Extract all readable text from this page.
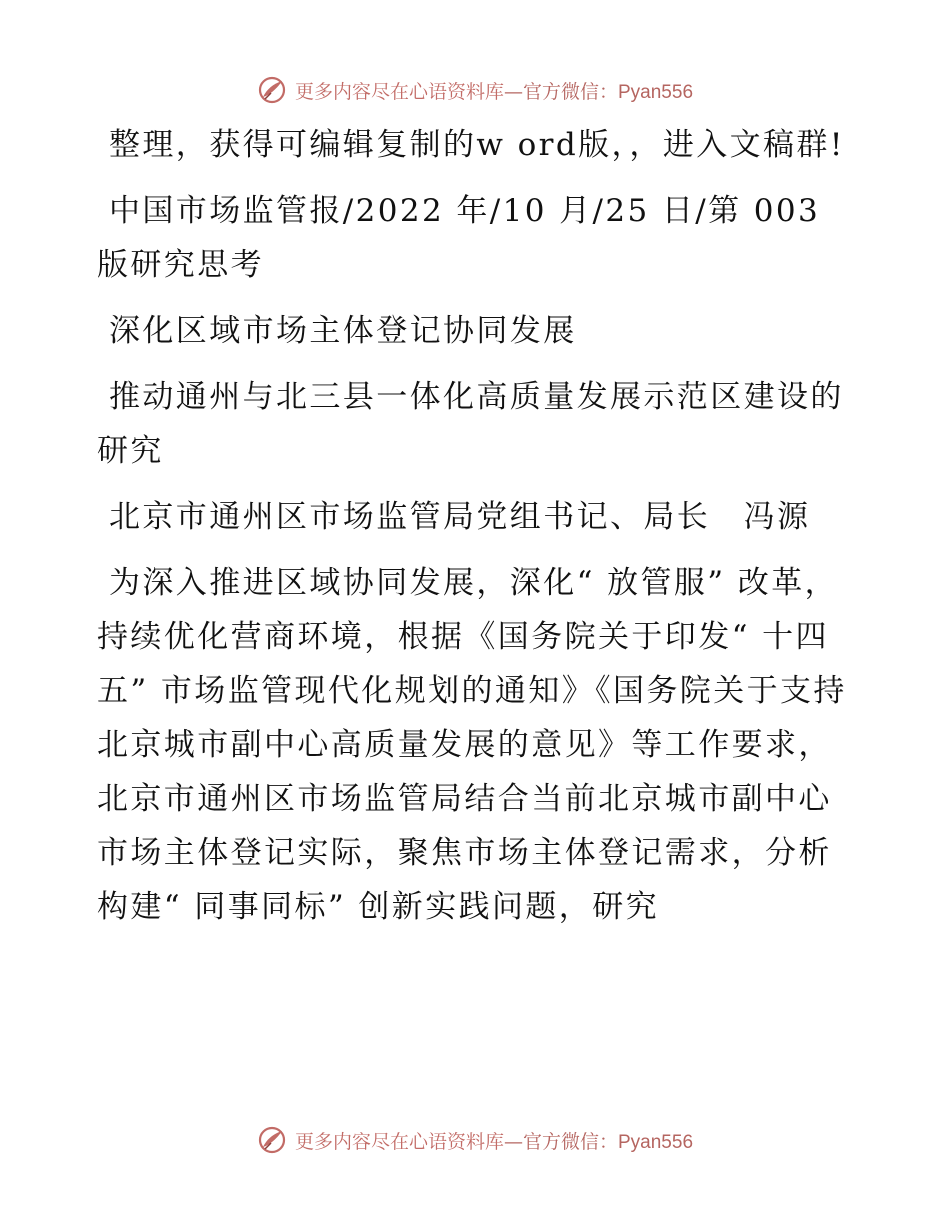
更多内容尽在心语资料库—官方微信：Pyan556

整理，获得可编辑复制的w ord版，，进入文稿群!

中国市场监管报/2022 年/10 月/25 日/第 003 版研究思考

深化区域市场主体登记协同发展

推动通州与北三县一体化高质量发展示范区建设的研究

北京市通州区市场监管局党组书记、局长　冯源

为深入推进区域协同发展，深化“ 放管服” 改革，持续优化营商环境，根据《国务院关于印发“ 十四五” 市场监管现代化规划的通知》《国务院关于支持北京城市副中心高质量发展的意见》等工作要求，北京市通州区市场监管局结合当前北京城市副中心市场主体登记实际，聚焦市场主体登记需求，分析构建“ 同事同标” 创新实践问题，研究

更多内容尽在心语资料库—官方微信：Pyan556
